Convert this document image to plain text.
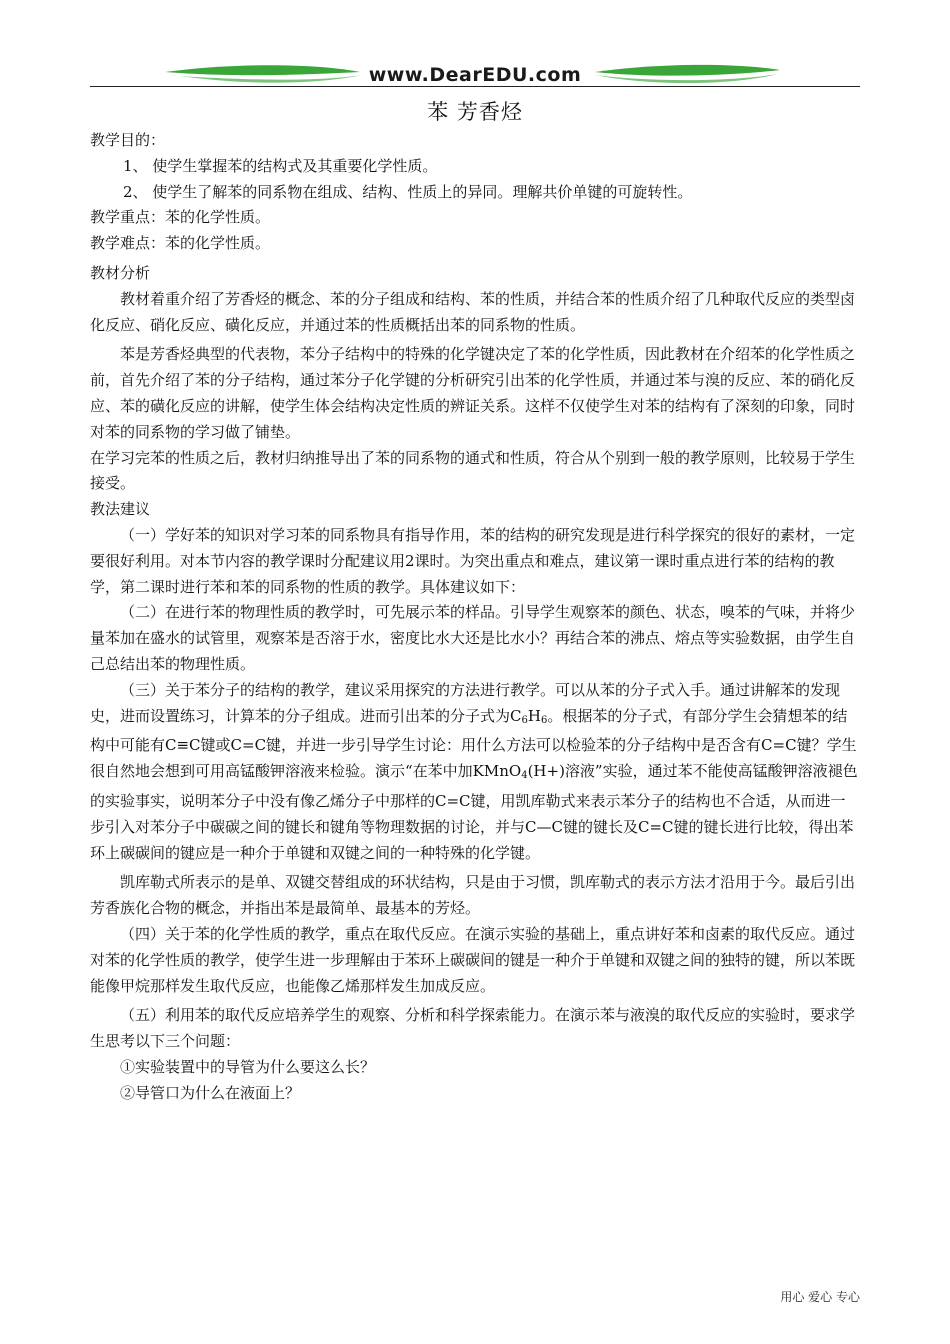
www.DearEDU.com
苯 芳香烃

教学目的：

1、 使学生掌握苯的结构式及其重要化学性质。

2、 使学生了解苯的同系物在组成、结构、性质上的异同。理解共价单键的可旋转性。

教学重点：苯的化学性质。

教学难点：苯的化学性质。

教材分析

教材着重介绍了芳香烃的概念、苯的分子组成和结构、苯的性质，并结合苯的性质介绍了几种取代反应的类型卤化反应、硝化反应、磺化反应，并通过苯的性质概括出苯的同系物的性质。

苯是芳香烃典型的代表物，苯分子结构中的特殊的化学键决定了苯的化学性质，因此教材在介绍苯的化学性质之前，首先介绍了苯的分子结构，通过苯分子化学键的分析研究引出苯的化学性质，并通过苯与溴的反应、苯的硝化反应、苯的磺化反应的讲解，使学生体会结构决定性质的辨证关系。这样不仅使学生对苯的结构有了深刻的印象，同时对苯的同系物的学习做了铺垫。

在学习完苯的性质之后，教材归纳推导出了苯的同系物的通式和性质，符合从个别到一般的教学原则，比较易于学生接受。

教法建议

（一）学好苯的知识对学习苯的同系物具有指导作用，苯的结构的研究发现是进行科学探究的很好的素材，一定要很好利用。对本节内容的教学课时分配建议用2课时。为突出重点和难点，建议第一课时重点进行苯的结构的教学，第二课时进行苯和苯的同系物的性质的教学。具体建议如下：

（二）在进行苯的物理性质的教学时，可先展示苯的样品。引导学生观察苯的颜色、状态，嗅苯的气味，并将少量苯加在盛水的试管里，观察苯是否溶于水，密度比水大还是比水小？再结合苯的沸点、熔点等实验数据，由学生自己总结出苯的物理性质。

（三）关于苯分子的结构的教学，建议采用探究的方法进行教学。可以从苯的分子式入手。通过讲解苯的发现史，进而设置练习，计算苯的分子组成。进而引出苯的分子式为$C_6H_6$。根据苯的分子式，有部分学生会猜想苯的结构中可能有C≡C键或C=C键，并进一步引导学生讨论：用什么方法可以检验苯的分子结构中是否含有C=C键？学生很自然地会想到可用高锰酸钾溶液来检验。演示“在苯中加KMnO$_4$(H+)溶液”实验，通过苯不能使高锰酸钾溶液褪色的实验事实，说明苯分子中没有像乙烯分子中那样的C=C键，用凯库勒式来表示苯分子的结构也不合适，从而进一步引入对苯分子中碳碳之间的键长和键角等物理数据的讨论，并与C—C键的键长及C=C键的键长进行比较，得出苯环上碳碳间的键应是一种介于单键和双键之间的一种特殊的化学键。

凯库勒式所表示的是单、双键交替组成的环状结构，只是由于习惯，凯库勒式的表示方法才沿用于今。最后引出芳香族化合物的概念，并指出苯是最简单、最基本的芳烃。

（四）关于苯的化学性质的教学，重点在取代反应。在演示实验的基础上，重点讲好苯和卤素的取代反应。通过对苯的化学性质的教学，使学生进一步理解由于苯环上碳碳间的键是一种介于单键和双键之间的独特的键，所以苯既能像甲烷那样发生取代反应，也能像乙烯那样发生加成反应。

（五）利用苯的取代反应培养学生的观察、分析和科学探索能力。在演示苯与液溴的取代反应的实验时，要求学生思考以下三个问题：

①实验装置中的导管为什么要这么长？

②导管口为什么在液面上？

用心 爱心 专心
